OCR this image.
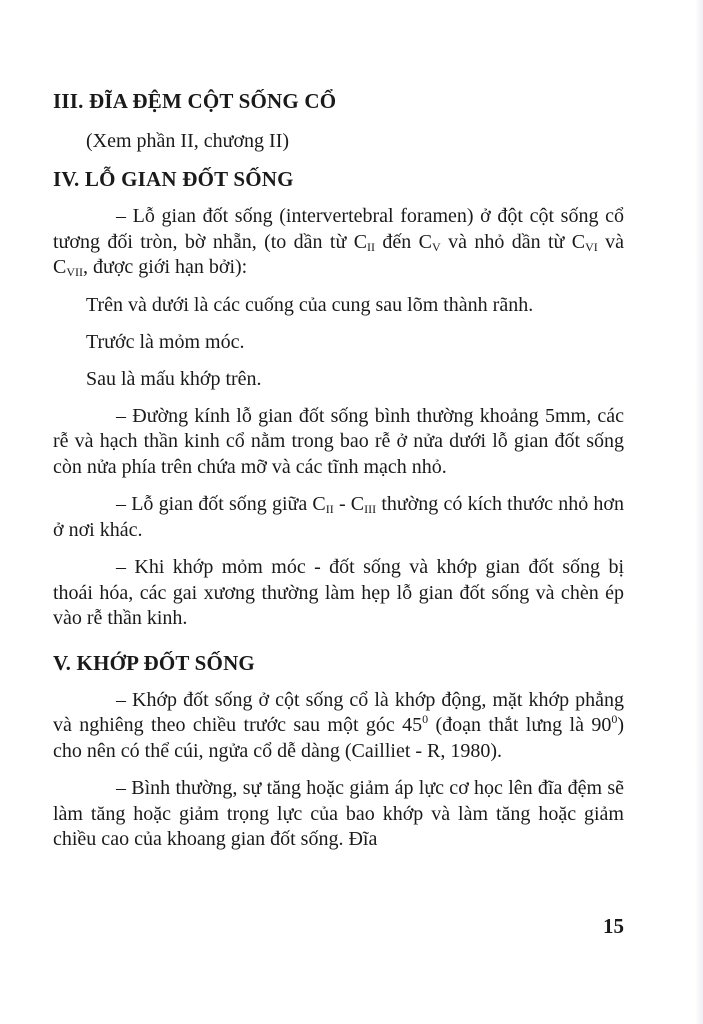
III. ĐĨA ĐỆM CỘT SỐNG CỔ

(Xem phần II, chương II)

IV. LỖ GIAN ĐỐT SỐNG

– Lỗ gian đốt sống (intervertebral foramen) ở đột cột sống cổ tương đối tròn, bờ nhẵn, (to dần từ $C_{II}$ đến $C_V$ và nhỏ dần từ $C_{VI}$ và $C_{VII}$, được giới hạn bởi):

Trên và dưới là các cuống của cung sau lõm thành rãnh.

Trước là mỏm móc.

Sau là mấu khớp trên.

– Đường kính lỗ gian đốt sống bình thường khoảng 5mm, các rễ và hạch thần kinh cổ nằm trong bao rễ ở nửa dưới lỗ gian đốt sống còn nửa phía trên chứa mỡ và các tĩnh mạch nhỏ.

– Lỗ gian đốt sống giữa $C_{II} - C_{III}$ thường có kích thước nhỏ hơn ở nơi khác.

– Khi khớp mỏm móc - đốt sống và khớp gian đốt sống bị thoái hóa, các gai xương thường làm hẹp lỗ gian đốt sống và chèn ép vào rễ thần kinh.

V. KHỚP ĐỐT SỐNG

– Khớp đốt sống ở cột sống cổ là khớp động, mặt khớp phẳng và nghiêng theo chiều trước sau một góc $45^0$ (đoạn thắt lưng là $90^0$) cho nên có thể cúi, ngửa cổ dễ dàng (Cailliet - R, 1980).

– Bình thường, sự tăng hoặc giảm áp lực cơ học lên đĩa đệm sẽ làm tăng hoặc giảm trọng lực của bao khớp và làm tăng hoặc giảm chiều cao của khoang gian đốt sống. Đĩa

15
